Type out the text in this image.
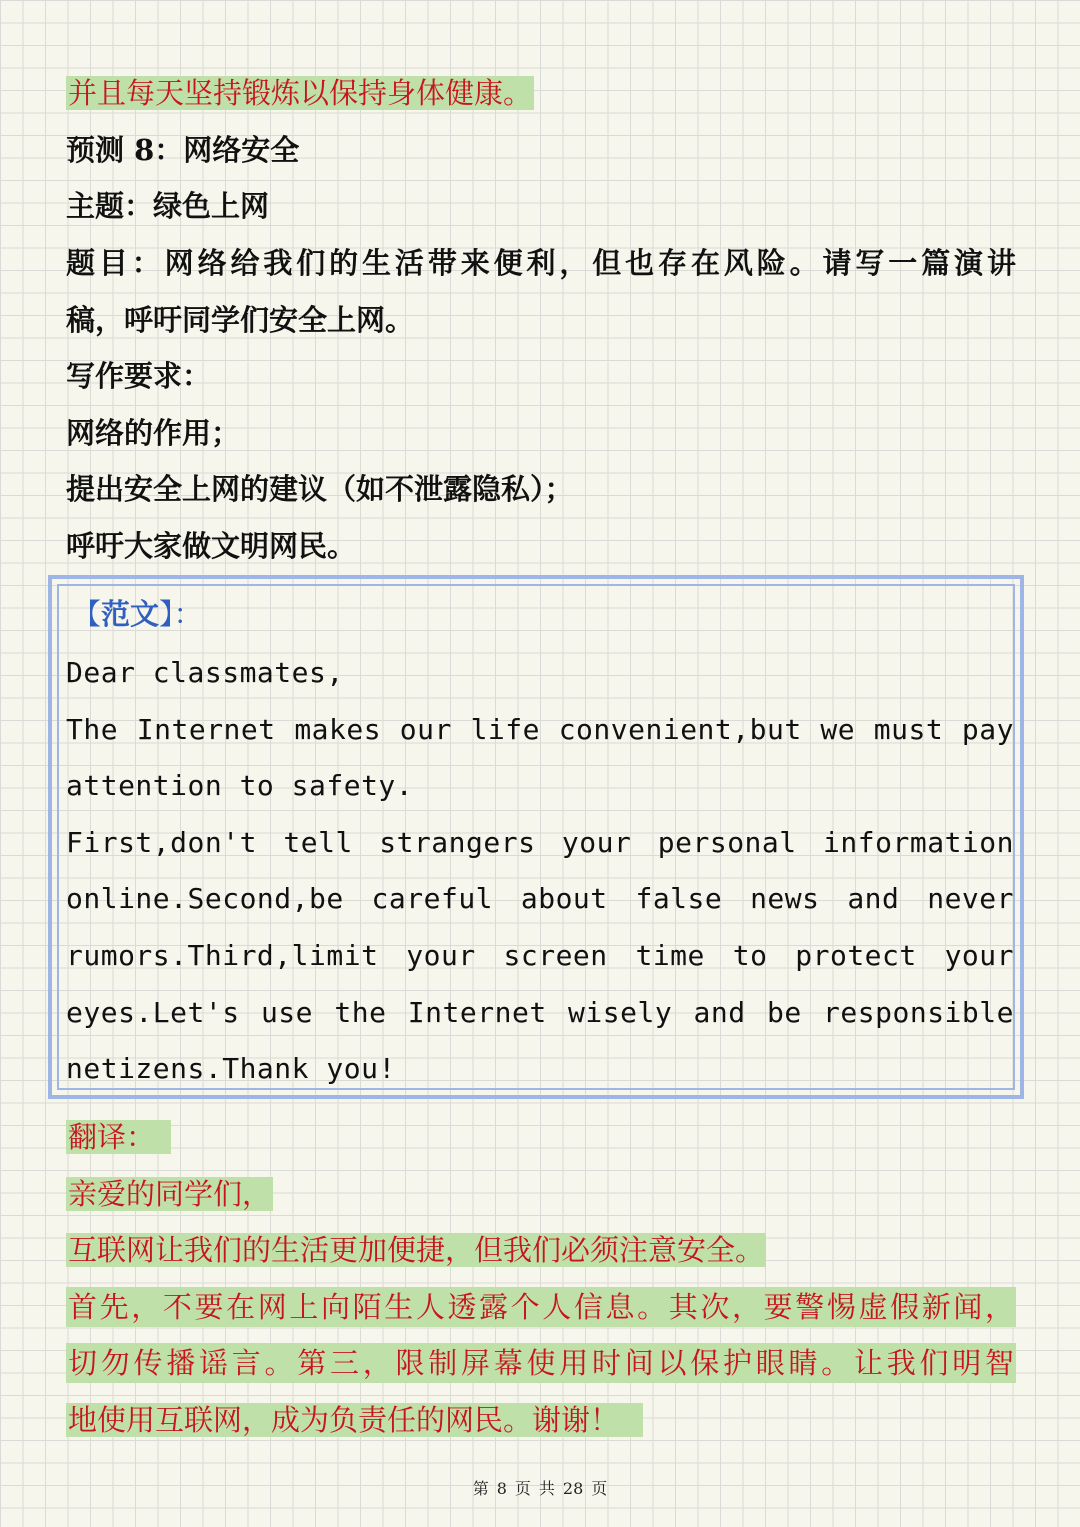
并且每天坚持锻炼以保持身体健康。
预测 8：网络安全
主题：绿色上网
题目：网络给我们的生活带来便利，但也存在风险。请写一篇演讲
稿，呼吁同学们安全上网。
写作要求：
网络的作用；
提出安全上网的建议（如不泄露隐私）；
呼吁大家做文明网民。
【范文】：
Dear classmates,
The Internet makes our life convenient,but we must pay
attention to safety.
First,don't tell strangers your personal information
online.Second,be careful about false news and never
rumors.Third,limit your screen time to protect your
eyes.Let's use the Internet wisely and be responsible
netizens.Thank you!
翻译：
亲爱的同学们，
互联网让我们的生活更加便捷，但我们必须注意安全。
首先，不要在网上向陌生人透露个人信息。其次，要警惕虚假新闻，
切勿传播谣言。第三，限制屏幕使用时间以保护眼睛。让我们明智
地使用互联网，成为负责任的网民。谢谢！
第 8 页 共 28 页
